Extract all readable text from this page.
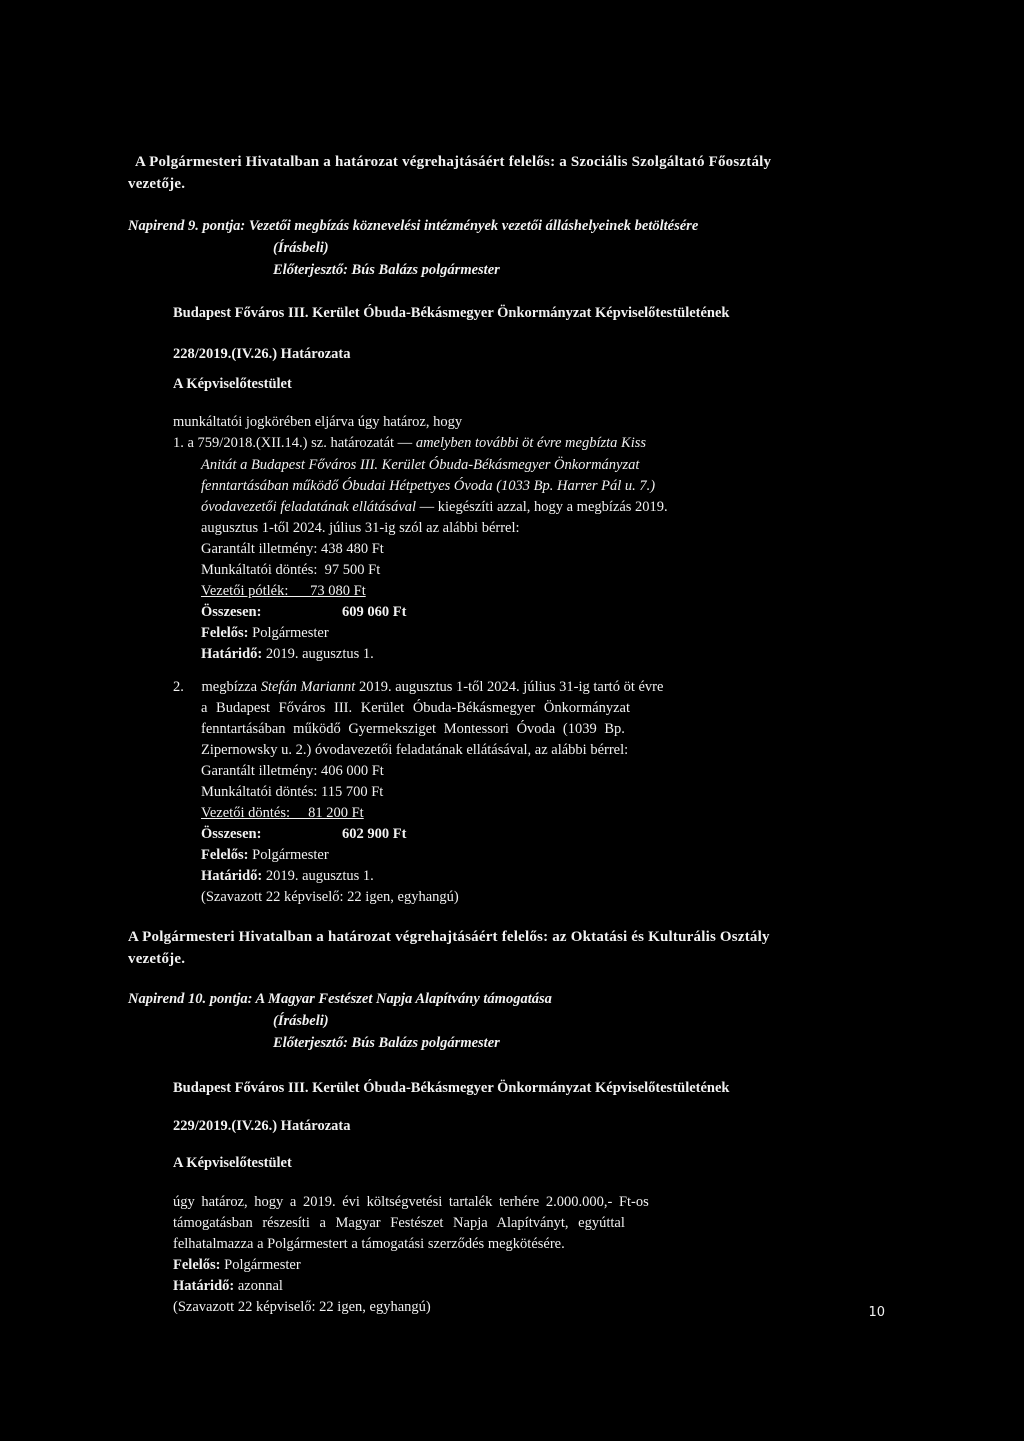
A Polgármesteri Hivatalban a határozat végrehajtásáért felelős: a Szociális Szolgáltató Főosztály
vezetője.
Napirend 9. pontja: Vezetői megbízás köznevelési intézmények vezetői álláshelyeinek betöltésére
(Írásbeli)
Előterjesztő: Bús Balázs polgármester
Budapest Főváros III. Kerület Óbuda-Békásmegyer Önkormányzat Képviselőtestületének
228/2019.(IV.26.) Határozata
A Képviselőtestület
munkáltatói jogkörében eljárva úgy határoz, hogy
1. a 759/2018.(XII.14.) sz. határozatát — amelyben további öt évre megbízta Kiss
Anitát a Budapest Főváros III. Kerület Óbuda-Békásmegyer Önkormányzat
fenntartásában működő Óbudai Hétpettyes Óvoda (1033 Bp. Harrer Pál u. 7.)
óvodavezetői feladatának ellátásával — kiegészíti azzal, hogy a megbízás 2019.
augusztus 1-től 2024. július 31-ig szól az alábbi bérrel:
Garantált illetmény: 438 480 Ft
Munkáltatói döntés:  97 500 Ft
Vezetői pótlék:      73 080 Ft
Összesen:	609 060 Ft
Felelős: Polgármester
Határidő: 2019. augusztus 1.
2. megbízza Stefán Mariannt 2019. augusztus 1-től 2024. július 31-ig tartó öt évre
a Budapest Főváros III. Kerület Óbuda-Békásmegyer Önkormányzat
fenntartásában működő Gyermeksziget Montessori Óvoda (1039 Bp.
Zipernowsky u. 2.) óvodavezetői feladatának ellátásával, az alábbi bérrel:
Garantált illetmény: 406 000 Ft
Munkáltatói döntés: 115 700 Ft
Vezetői döntés:     81 200 Ft
Összesen:	602 900 Ft
Felelős: Polgármester
Határidő: 2019. augusztus 1.
(Szavazott 22 képviselő: 22 igen, egyhangú)
A Polgármesteri Hivatalban a határozat végrehajtásáért felelős: az Oktatási és Kulturális Osztály
vezetője.
Napirend 10. pontja: A Magyar Festészet Napja Alapítvány támogatása
(Írásbeli)
Előterjesztő: Bús Balázs polgármester
Budapest Főváros III. Kerület Óbuda-Békásmegyer Önkormányzat Képviselőtestületének
229/2019.(IV.26.) Határozata
A Képviselőtestület
úgy határoz, hogy a 2019. évi költségvetési tartalék terhére 2.000.000,- Ft-os
támogatásban részesíti a Magyar Festészet Napja Alapítványt, egyúttal
felhatalmazza a Polgármestert a támogatási szerződés megkötésére.
Felelős: Polgármester
Határidő: azonnal
(Szavazott 22 képviselő: 22 igen, egyhangú)	10
